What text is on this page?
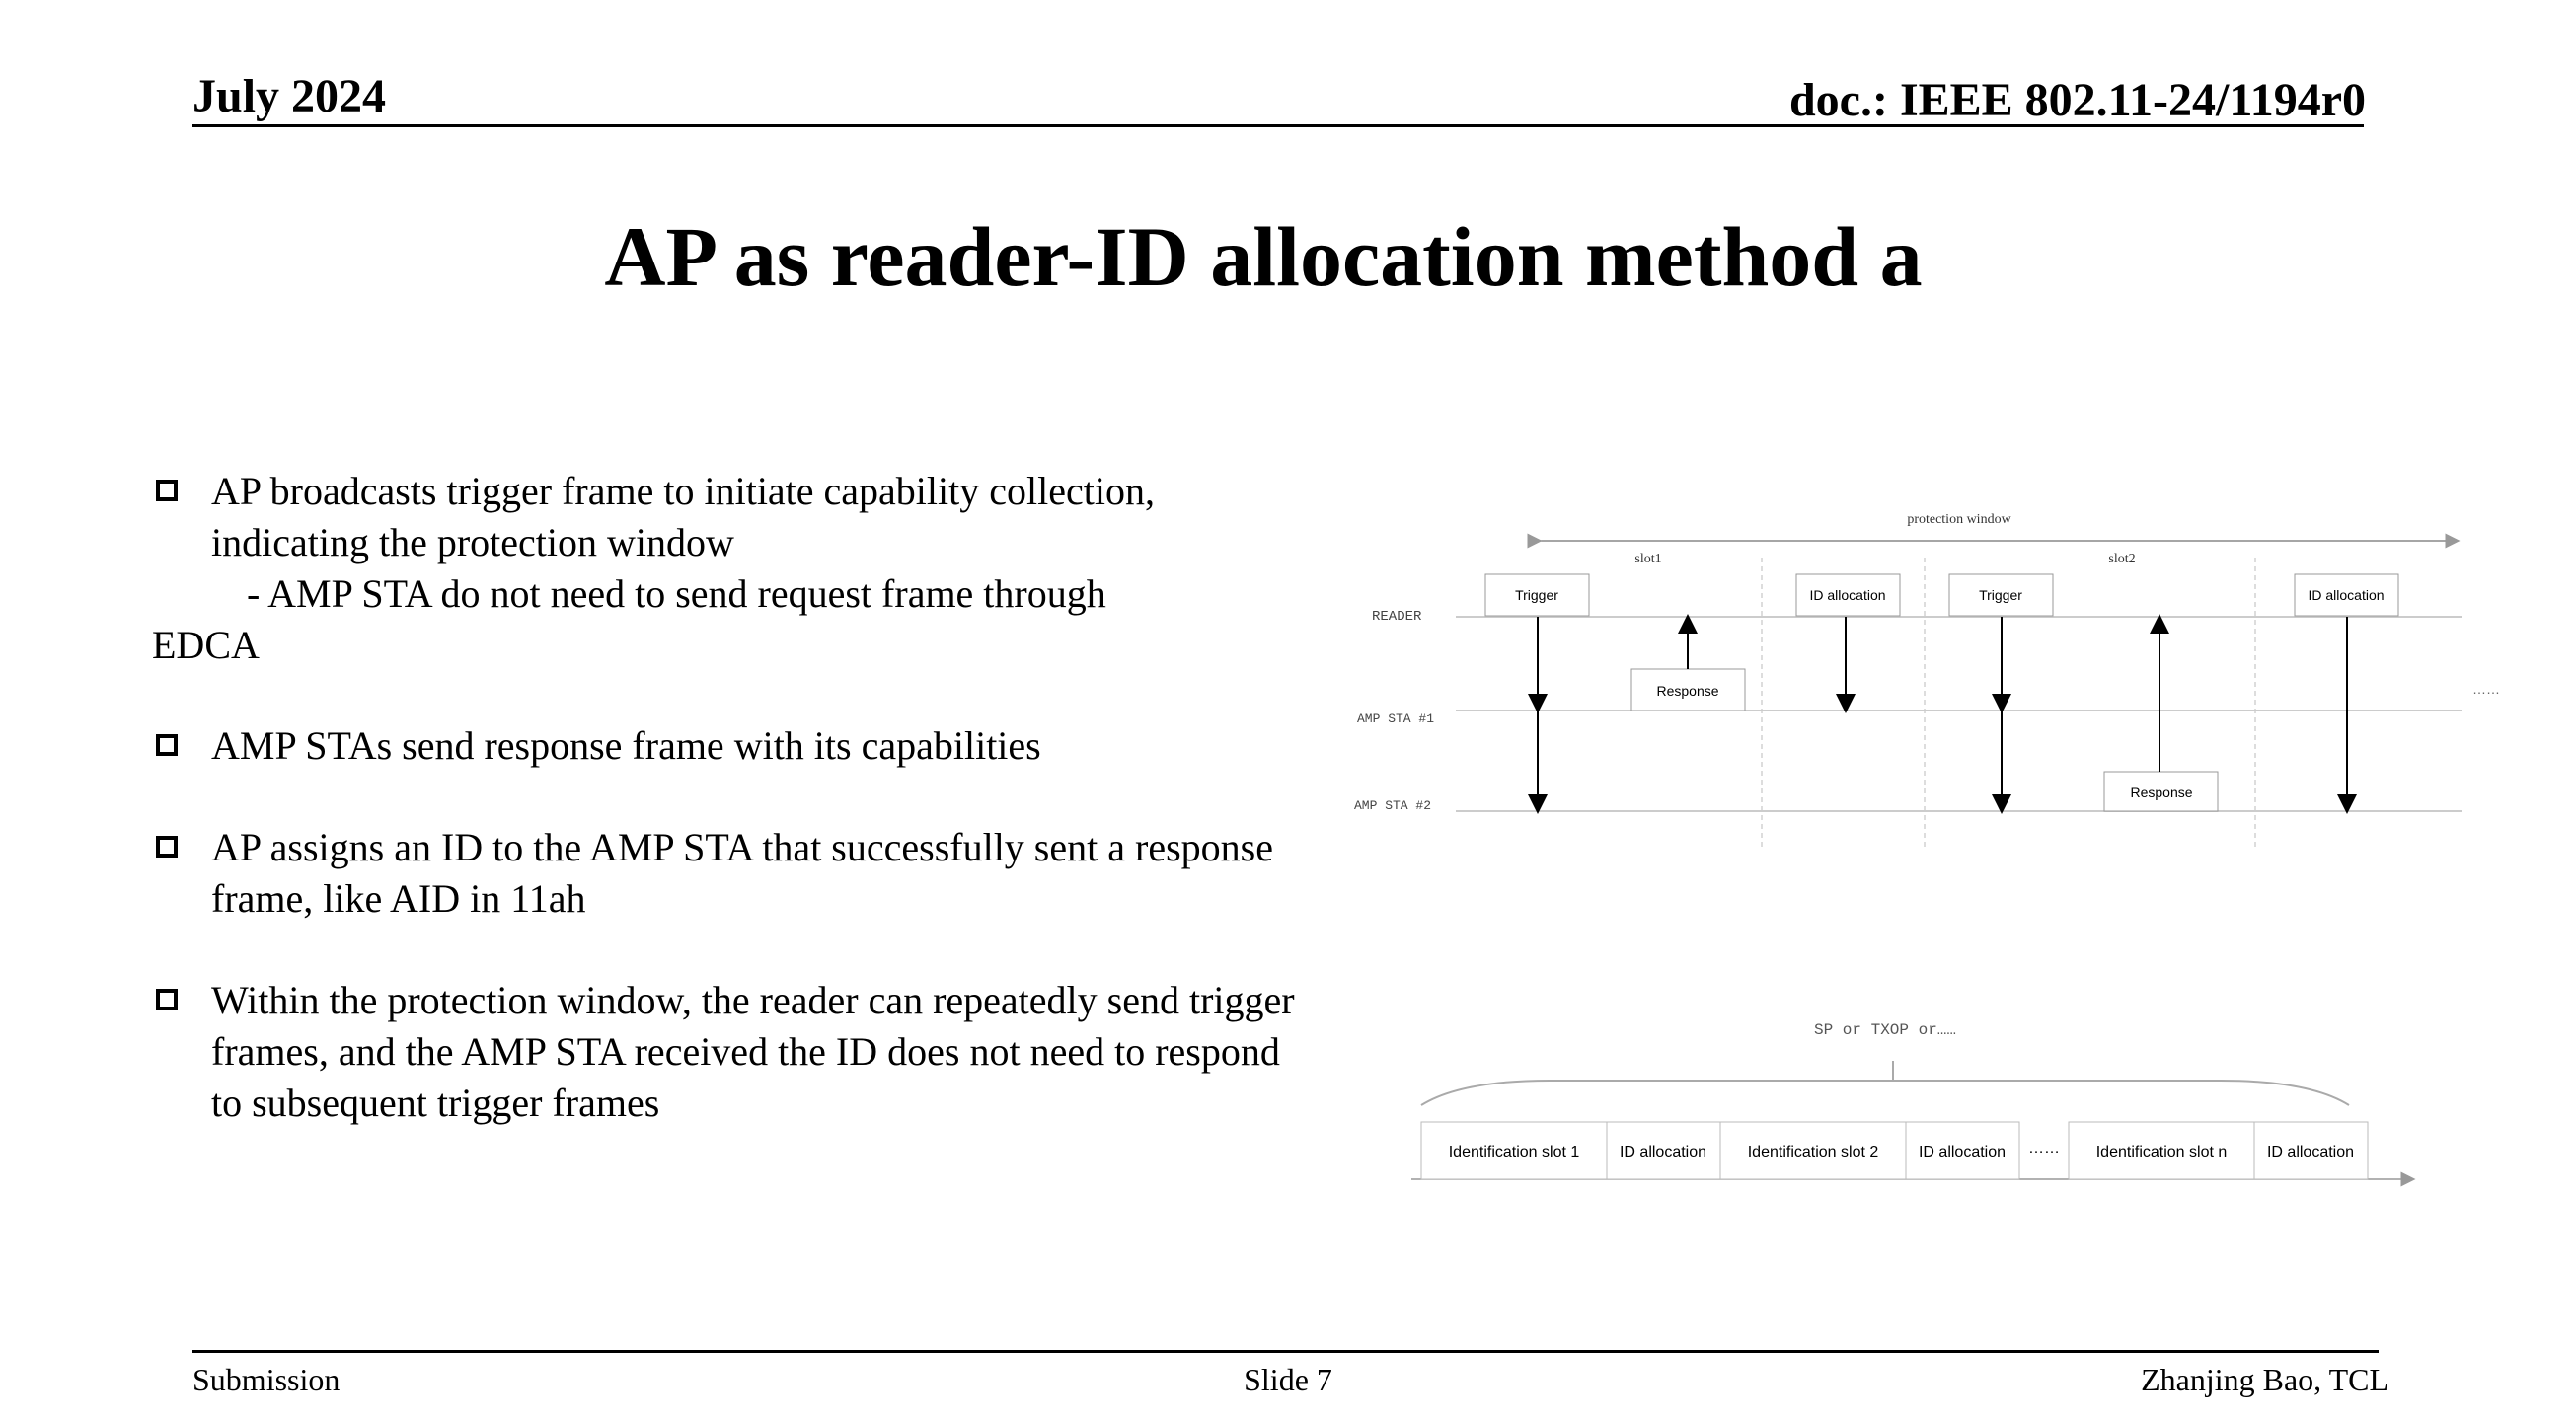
July 2024	doc.: IEEE 802.11-24/1194r0
AP as reader-ID allocation method a
AP broadcasts trigger frame to initiate capability collection, indicating the protection window
- AMP STA do not need to send request frame through
EDCA
AMP STAs send response frame with its capabilities
AP assigns an ID to the AMP STA that successfully sent a response frame, like AID in 11ah
Within the protection window, the reader can repeatedly send trigger frames, and the AMP STA received the ID does not need to respond to subsequent trigger frames
protection window
slot1	slot2
READER
AMP STA #1
AMP STA #2
Trigger	ID allocation	Trigger	ID allocation
Response
Response
……
SP or TXOP or……
Identification slot 1	ID allocation	Identification slot 2	ID allocation …… Identification slot n	ID allocation
Submission	Slide 7	Zhanjing Bao, TCL
